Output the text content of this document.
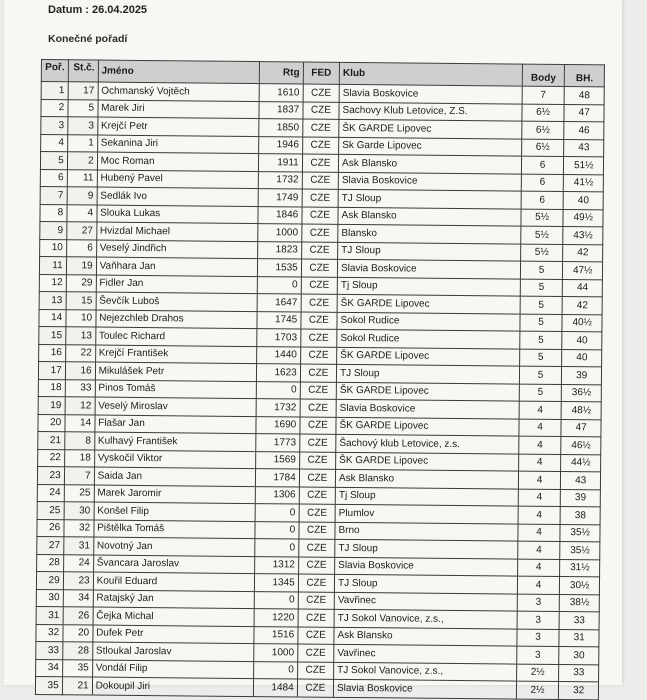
Datum : 26.04.2025
Konečné pořadí
Poř.	St.č.	Jméno	Rtg	FED	Klub	Body	BH.
1	17	Ochmanský Vojtěch	1610	CZE	Slavia Boskovice	7	48
2	5	Marek Jiri	1837	CZE	Sachovy Klub Letovice, Z.S.	6½	47
3	3	Krejčí Petr	1850	CZE	ŠK GARDE Lipovec	6½	46
4	1	Sekanina Jiri	1946	CZE	Sk Garde Lipovec	6½	43
5	2	Moc Roman	1911	CZE	Ask Blansko	6	51½
6	11	Hubený Pavel	1732	CZE	Slavia Boskovice	6	41½
7	9	Sedlák Ivo	1749	CZE	TJ Sloup	6	40
8	4	Slouka Lukas	1846	CZE	Ask Blansko	5½	49½
9	27	Hvizdal Michael	1000	CZE	Blansko	5½	43½
10	6	Veselý Jindřich	1823	CZE	TJ Sloup	5½	42
11	19	Vaňhara Jan	1535	CZE	Slavia Boskovice	5	47½
12	29	Fidler Jan	0	CZE	Tj Sloup	5	44
13	15	Ševčík Luboš	1647	CZE	ŠK GARDE Lipovec	5	42
14	10	Nejezchleb Drahos	1745	CZE	Sokol Rudice	5	40½
15	13	Toulec Richard	1703	CZE	Sokol Rudice	5	40
16	22	Krejčí František	1440	CZE	ŠK GARDE Lipovec	5	40
17	16	Mikulášek Petr	1623	CZE	TJ Sloup	5	39
18	33	Pinos Tomáš	0	CZE	ŠK GARDE Lipovec	5	36½
19	12	Veselý Miroslav	1732	CZE	Slavia Boskovice	4	48½
20	14	Flašar Jan	1690	CZE	ŠK GARDE Lipovec	4	47
21	8	Kulhavý František	1773	CZE	Šachový klub Letovice, z.s.	4	46½
22	18	Vyskočil Viktor	1569	CZE	ŠK GARDE Lipovec	4	44½
23	7	Saida Jan	1784	CZE	Ask Blansko	4	43
24	25	Marek Jaromir	1306	CZE	Tj Sloup	4	39
25	30	Konšel Filip	0	CZE	Plumlov	4	38
26	32	Pištělka Tomáš	0	CZE	Brno	4	35½
27	31	Novotný Jan	0	CZE	TJ Sloup	4	35½
28	24	Švancara Jaroslav	1312	CZE	Slavia Boskovice	4	31½
29	23	Kouřil Eduard	1345	CZE	TJ Sloup	4	30½
30	34	Ratajský Jan	0	CZE	Vavřinec	3	38½
31	26	Čejka Michal	1220	CZE	TJ Sokol Vanovice, z.s.,	3	33
32	20	Dufek Petr	1516	CZE	Ask Blansko	3	31
33	28	Stloukal Jaroslav	1000	CZE	Vavřinec	3	30
34	35	Vondál Filip	0	CZE	TJ Sokol Vanovice, z.s.,	2½	33
35	21	Dokoupil Jiri	1484	CZE	Slavia Boskovice	2½	32
